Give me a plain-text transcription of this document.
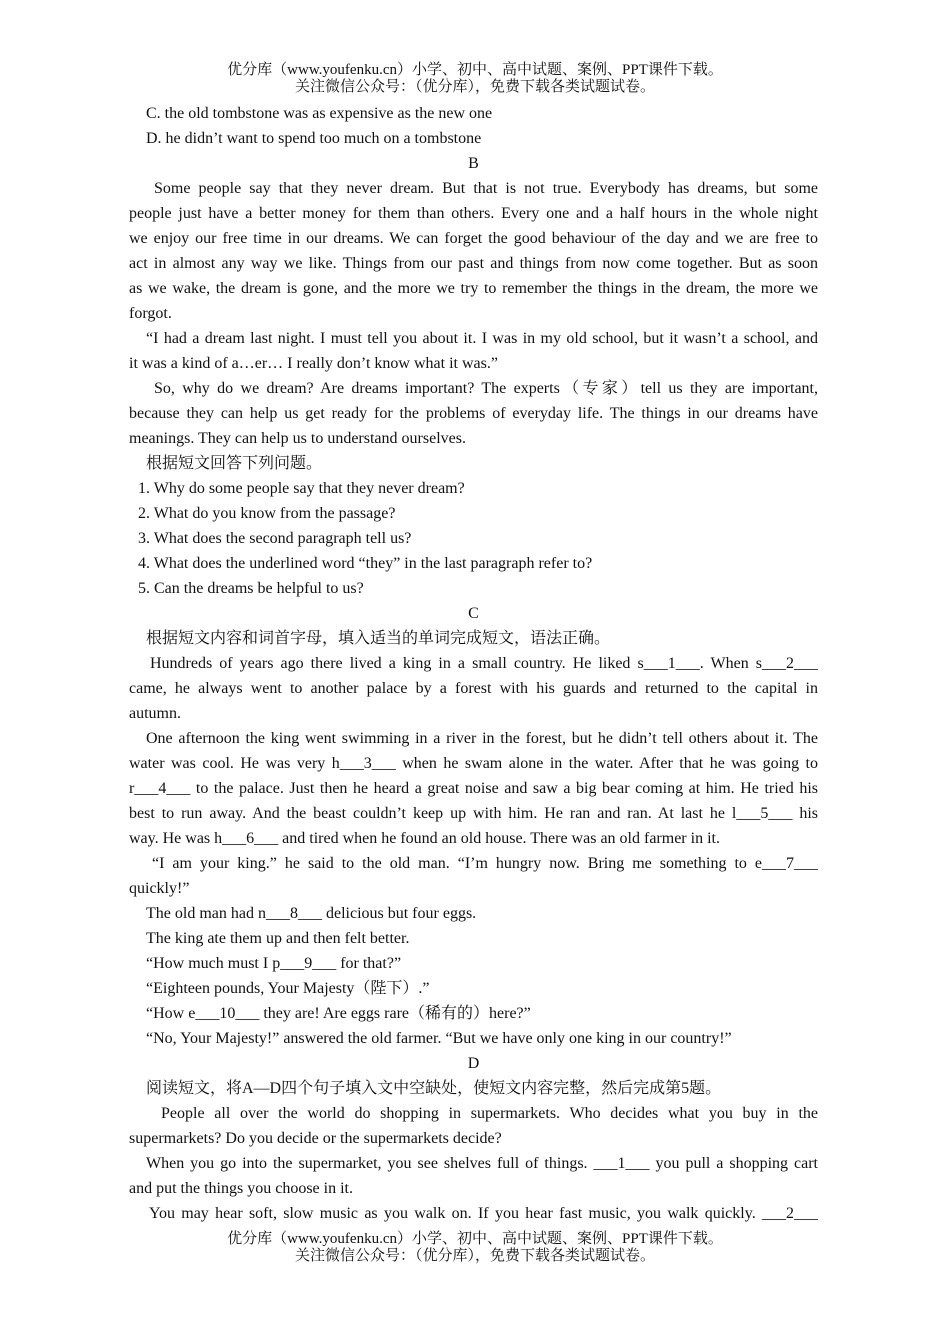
优分库（www.youfenku.cn）小学、初中、高中试题、案例、PPT课件下载。
关注微信公众号：（优分库），免费下载各类试题试卷。
C. the old tombstone was as expensive as the new one
D. he didn’t want to spend too much on a tombstone
B
Some people say that they never dream. But that is not true. Everybody has dreams, but some
people just have a better money for them than others. Every one and a half hours in the whole night
we enjoy our free time in our dreams. We can forget the good behaviour of the day and we are free to
act in almost any way we like. Things from our past and things from now come together. But as soon
as we wake, the dream is gone, and the more we try to remember the things in the dream, the more we
forgot.
“I had a dream last night. I must tell you about it. I was in my old school, but it wasn’t a school, and
it was a kind of a…er… I really don’t know what it was.”
So, why do we dream? Are dreams important? The experts（专家）tell us they are important,
because they can help us get ready for the problems of everyday life. The things in our dreams have
meanings. They can help us to understand ourselves.
根据短文回答下列问题。
1. Why do some people say that they never dream?
2. What do you know from the passage?
3. What does the second paragraph tell us?
4. What does the underlined word “they” in the last paragraph refer to?
5. Can the dreams be helpful to us?
C
根据短文内容和词首字母，填入适当的单词完成短文，语法正确。
Hundreds of years ago there lived a king in a small country. He liked s___1___. When s___2___
came, he always went to another palace by a forest with his guards and returned to the capital in
autumn.
One afternoon the king went swimming in a river in the forest, but he didn’t tell others about it. The
water was cool. He was very h___3___ when he swam alone in the water. After that he was going to
r___4___ to the palace. Just then he heard a great noise and saw a big bear coming at him. He tried his
best to run away. And the beast couldn’t keep up with him. He ran and ran. At last he l___5___ his
way. He was h___6___ and tired when he found an old house. There was an old farmer in it.
“I am your king.” he said to the old man. “I’m hungry now. Bring me something to e___7___
quickly!”
The old man had n___8___ delicious but four eggs.
The king ate them up and then felt better.
“How much must I p___9___ for that?”
“Eighteen pounds, Your Majesty（陛下）.”
“How e___10___ they are! Are eggs rare（稀有的）here?”
“No, Your Majesty!” answered the old farmer. “But we have only one king in our country!”
D
阅读短文，将A—D四个句子填入文中空缺处，使短文内容完整，然后完成第5题。
People all over the world do shopping in supermarkets. Who decides what you buy in the
supermarkets? Do you decide or the supermarkets decide?
When you go into the supermarket, you see shelves full of things. ___1___ you pull a shopping cart
and put the things you choose in it.
You may hear soft, slow music as you walk on. If you hear fast music, you walk quickly. ___2___
优分库（www.youfenku.cn）小学、初中、高中试题、案例、PPT课件下载。
关注微信公众号：（优分库），免费下载各类试题试卷。
